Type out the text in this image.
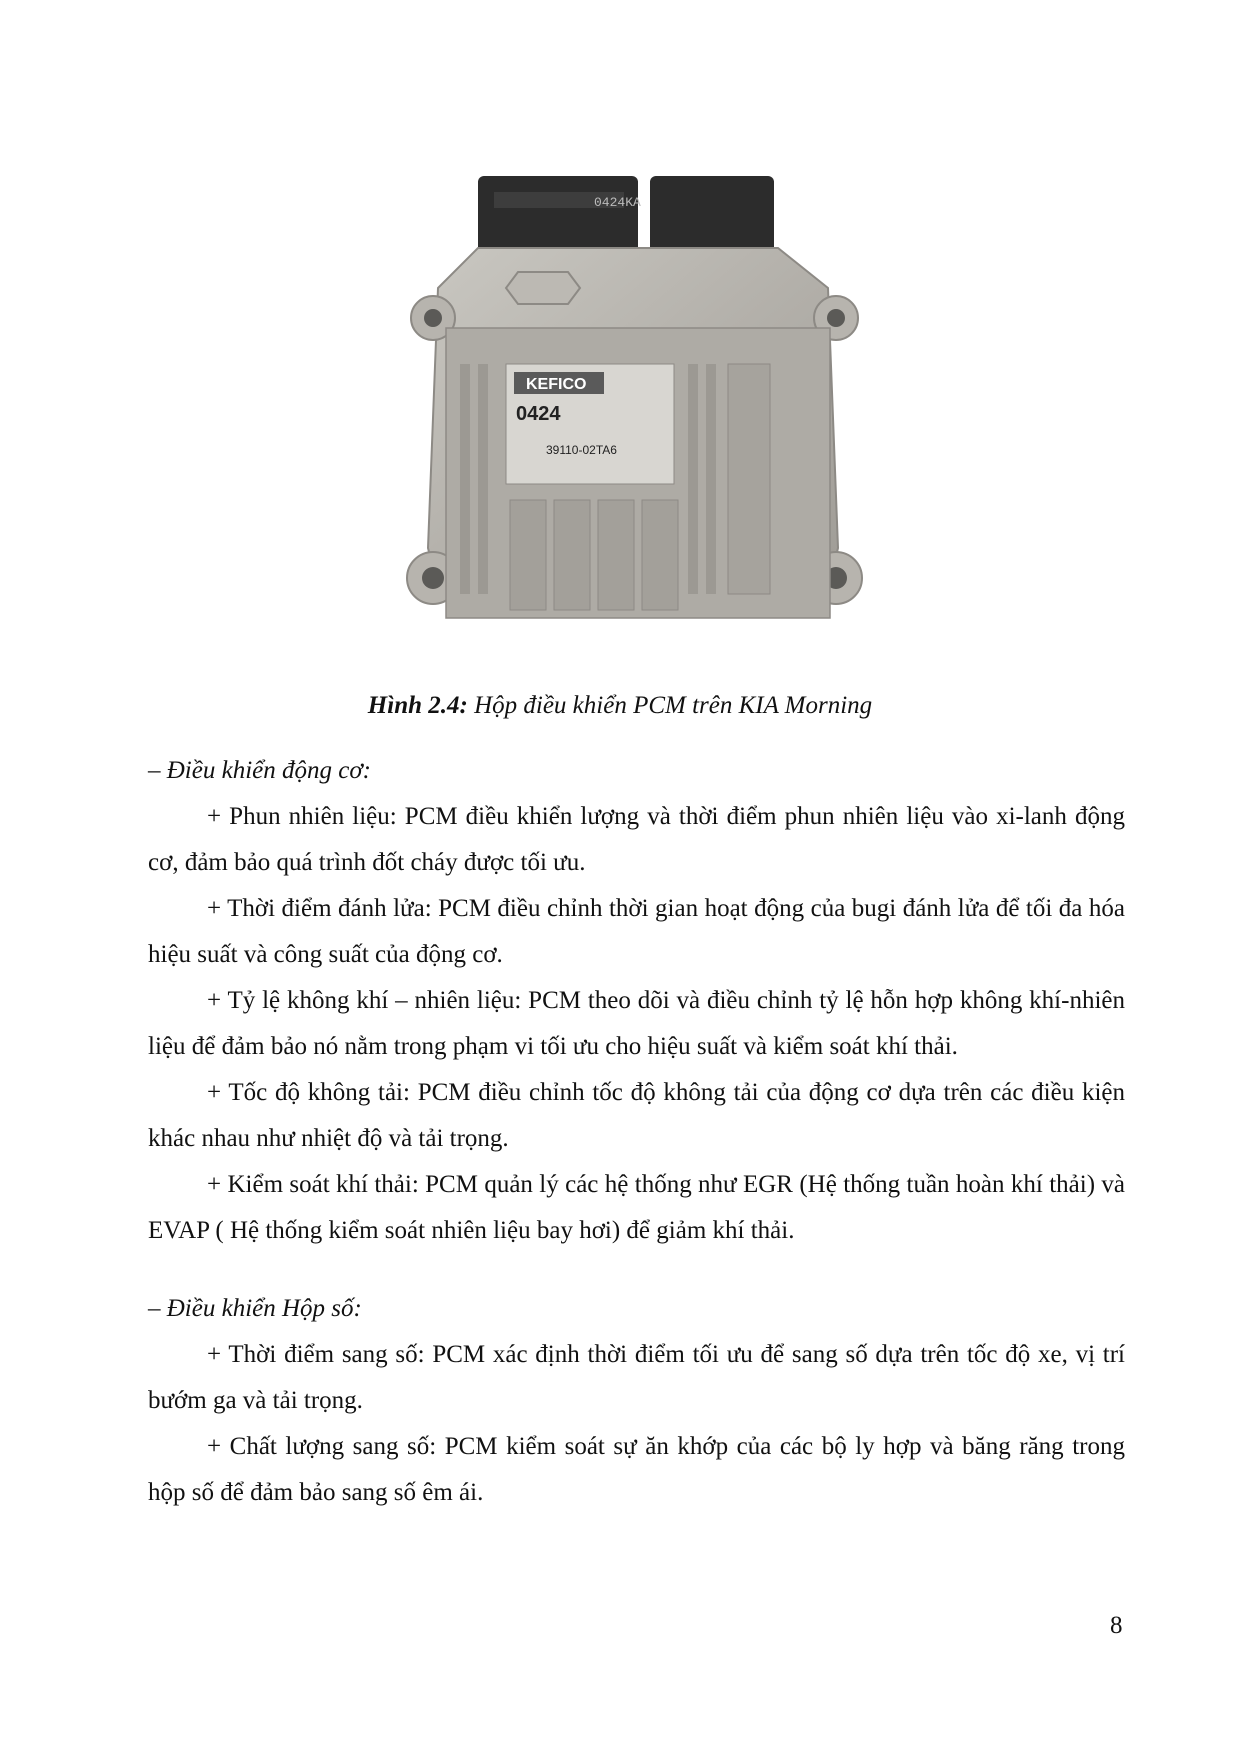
0424KA
KEFICO
0424
39110-02TA6
Hình 2.4: Hộp điều khiển PCM trên KIA Morning
– Điều khiển động cơ:
+ Phun nhiên liệu: PCM điều khiển lượng và thời điểm phun nhiên liệu vào xi-lanh động cơ, đảm bảo quá trình đốt cháy được tối ưu.
+ Thời điểm đánh lửa: PCM điều chỉnh thời gian hoạt động của bugi đánh lửa để tối đa hóa hiệu suất và công suất của động cơ.
+ Tỷ lệ không khí – nhiên liệu: PCM theo dõi và điều chỉnh tỷ lệ hỗn hợp không khí-nhiên liệu để đảm bảo nó nằm trong phạm vi tối ưu cho hiệu suất và kiểm soát khí thải.
+ Tốc độ không tải: PCM điều chỉnh tốc độ không tải của động cơ dựa trên các điều kiện khác nhau như nhiệt độ và tải trọng.
+ Kiểm soát khí thải: PCM quản lý các hệ thống như EGR (Hệ thống tuần hoàn khí thải) và EVAP ( Hệ thống kiểm soát nhiên liệu bay hơi) để giảm khí thải.
– Điều khiển Hộp số:
+ Thời điểm sang số: PCM xác định thời điểm tối ưu để sang số dựa trên tốc độ xe, vị trí bướm ga và tải trọng.
+ Chất lượng sang số: PCM kiểm soát sự ăn khớp của các bộ ly hợp và băng răng trong hộp số để đảm bảo sang số êm ái.
8
